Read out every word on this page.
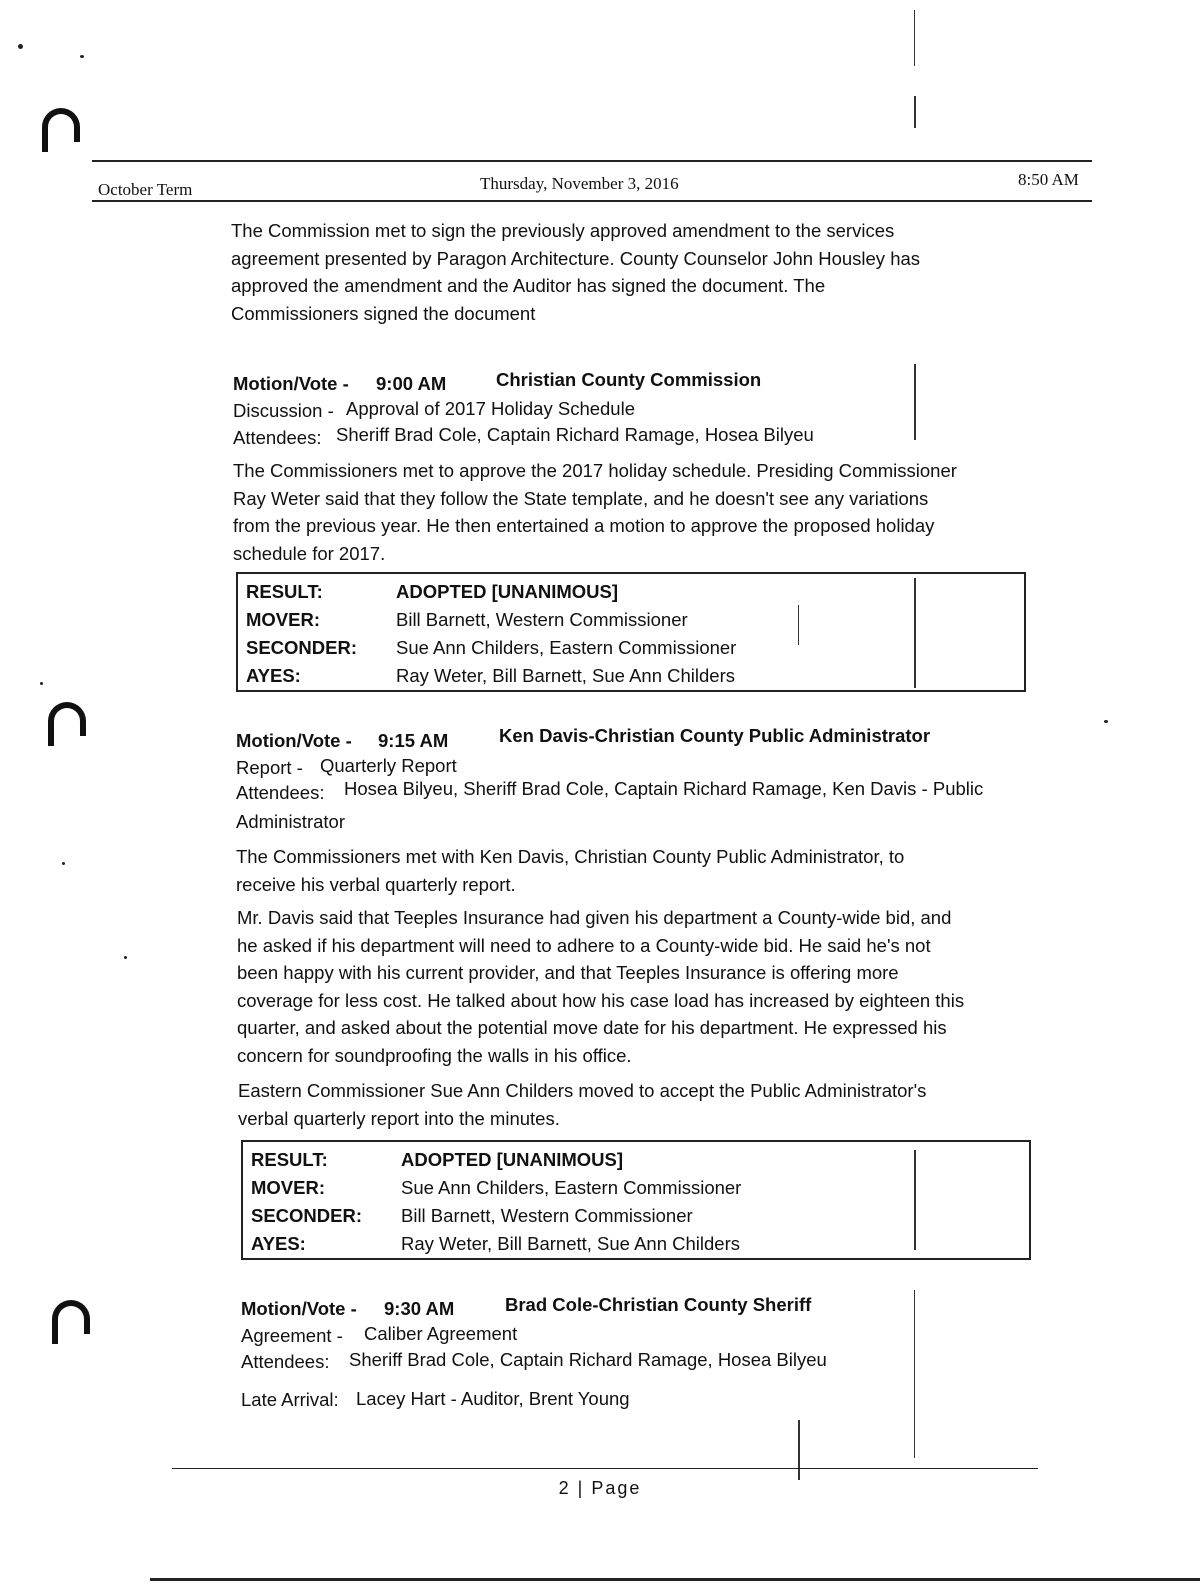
October Term	Thursday, November 3, 2016	8:50 AM
The Commission met to sign the previously approved amendment to the services
agreement presented by Paragon Architecture. County Counselor John Housley has
approved the amendment and the Auditor has signed the document. The
Commissioners signed the document
Motion/Vote - 9:00 AM	Christian County Commission
Discussion - Approval of 2017 Holiday Schedule
Attendees: Sheriff Brad Cole, Captain Richard Ramage, Hosea Bilyeu
The Commissioners met to approve the 2017 holiday schedule. Presiding Commissioner
Ray Weter said that they follow the State template, and he doesn't see any variations
from the previous year. He then entertained a motion to approve the proposed holiday
schedule for 2017.
RESULT:	ADOPTED [UNANIMOUS]
MOVER:	Bill Barnett, Western Commissioner
SECONDER:	Sue Ann Childers, Eastern Commissioner
AYES:	Ray Weter, Bill Barnett, Sue Ann Childers
Motion/Vote - 9:15 AM	Ken Davis-Christian County Public Administrator
Report - Quarterly Report
Attendees: Hosea Bilyeu, Sheriff Brad Cole, Captain Richard Ramage, Ken Davis - Public
Administrator
The Commissioners met with Ken Davis, Christian County Public Administrator, to
receive his verbal quarterly report.
Mr. Davis said that Teeples Insurance had given his department a County-wide bid, and
he asked if his department will need to adhere to a County-wide bid. He said he's not
been happy with his current provider, and that Teeples Insurance is offering more
coverage for less cost. He talked about how his case load has increased by eighteen this
quarter, and asked about the potential move date for his department. He expressed his
concern for soundproofing the walls in his office.
Eastern Commissioner Sue Ann Childers moved to accept the Public Administrator's
verbal quarterly report into the minutes.
RESULT:	ADOPTED [UNANIMOUS]
MOVER:	Sue Ann Childers, Eastern Commissioner
SECONDER:	Bill Barnett, Western Commissioner
AYES:	Ray Weter, Bill Barnett, Sue Ann Childers
Motion/Vote - 9:30 AM	Brad Cole-Christian County Sheriff
Agreement - Caliber Agreement
Attendees: Sheriff Brad Cole, Captain Richard Ramage, Hosea Bilyeu
Late Arrival: Lacey Hart - Auditor, Brent Young
2 | Page
